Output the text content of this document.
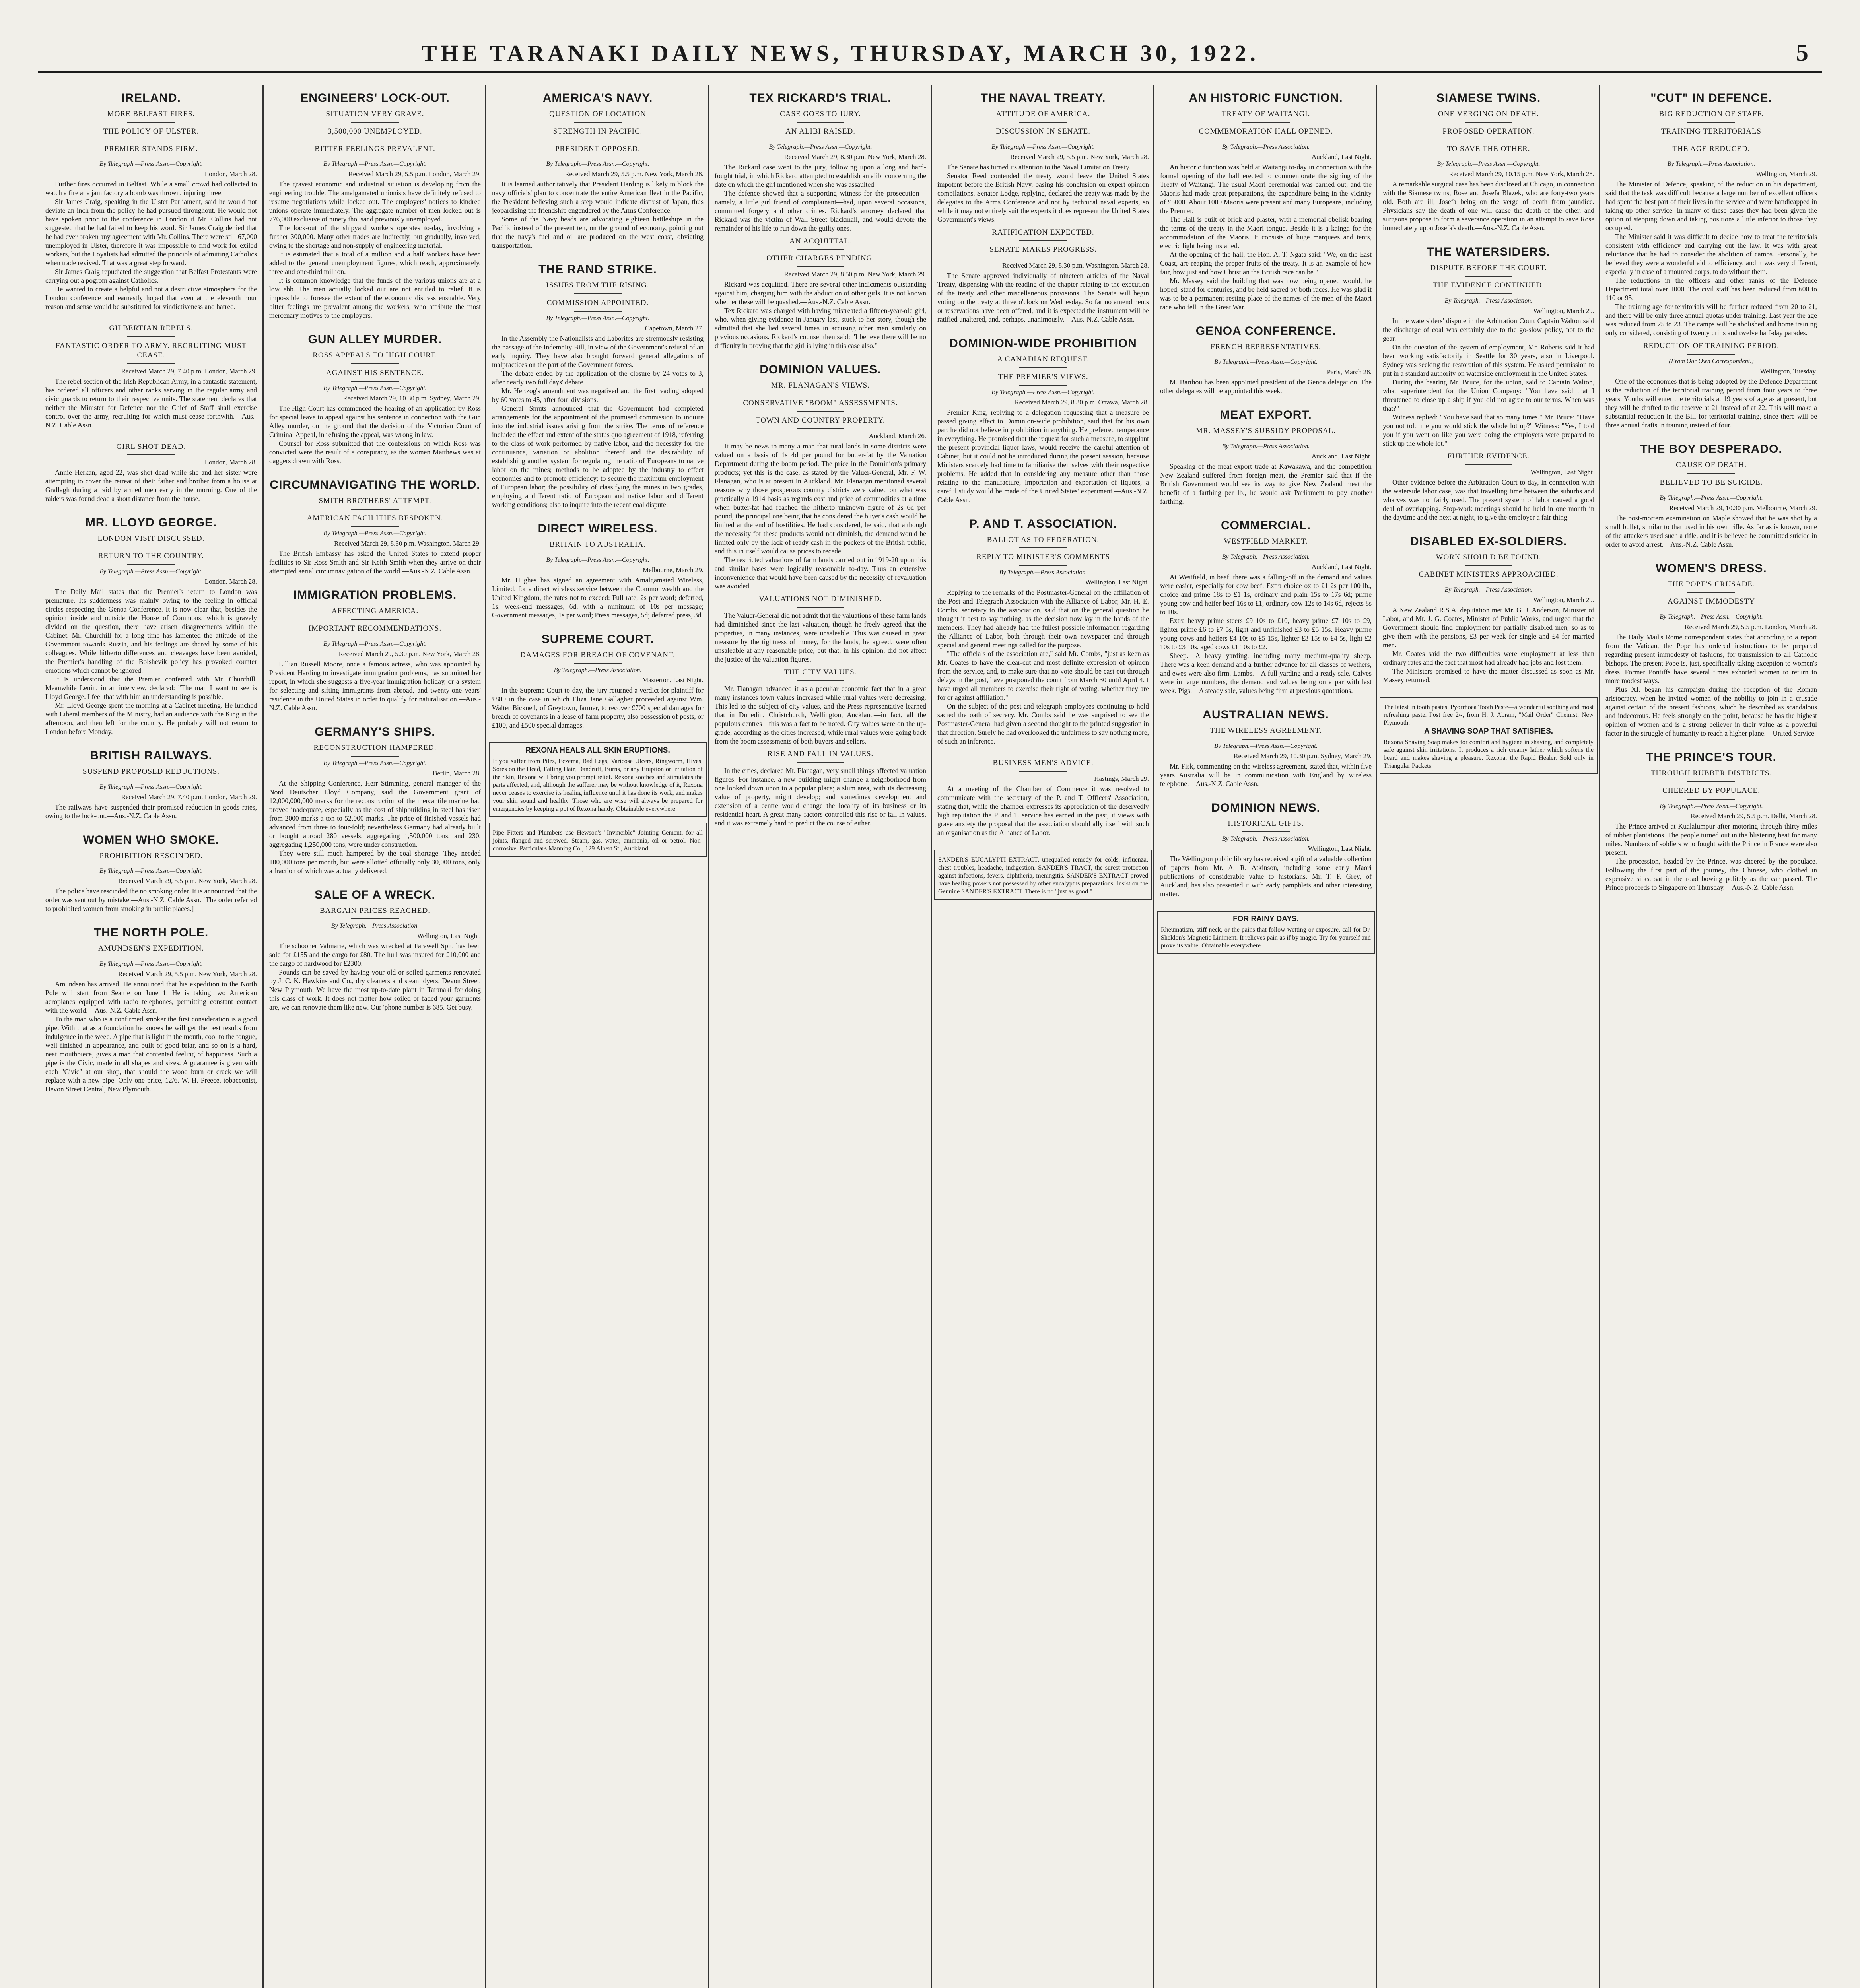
THE TARANAKI DAILY NEWS, THURSDAY, MARCH 30, 1922.	5
IRELAND.
MORE BELFAST FIRES.
THE POLICY OF ULSTER.
PREMIER STANDS FIRM.
By Telegraph.—Press Assn.—Copyright.
London, March 28.

Further fires occurred in Belfast. While a small crowd had collected to watch a fire at a jam factory a bomb was thrown, injuring three.

Sir James Craig, speaking in the Ulster Parliament, said he would not deviate an inch from the policy he had pursued throughout. He would not have spoken prior to the conference in London if Mr. Collins had not suggested that he had failed to keep his word. Sir James Craig denied that he had ever broken any agreement with Mr. Collins. There were still 67,000 unemployed in Ulster, therefore it was impossible to find work for exiled workers, but the Loyalists had admitted the principle of admitting Catholics when trade revived. That was a great step forward.

Sir James Craig repudiated the suggestion that Belfast Protestants were carrying out a pogrom against Catholics.

He wanted to create a helpful and not a destructive atmosphere for the London conference and earnestly hoped that even at the eleventh hour reason and sense would be substituted for vindictiveness and hatred.

GILBERTIAN REBELS.
FANTASTIC ORDER TO ARMY. RECRUITING MUST CEASE.
Received March 29, 7.40 p.m. London, March 29.

The rebel section of the Irish Republican Army, in a fantastic statement, has ordered all officers and other ranks serving in the regular army and civic guards to return to their respective units. The statement declares that neither the Minister for Defence nor the Chief of Staff shall exercise control over the army, recruiting for which must cease forthwith.—Aus.-N.Z. Cable Assn.

GIRL SHOT DEAD.
London, March 28.

Annie Herkan, aged 22, was shot dead while she and her sister were attempting to cover the retreat of their father and brother from a house at Grallagh during a raid by armed men early in the morning. One of the raiders was found dead a short distance from the house.

MR. LLOYD GEORGE.
LONDON VISIT DISCUSSED.
RETURN TO THE COUNTRY.
By Telegraph.—Press Assn.—Copyright.
London, March 28.

The Daily Mail states that the Premier's return to London was premature. Its suddenness was mainly owing to the feeling in official circles respecting the Genoa Conference. It is now clear that, besides the opinion inside and outside the House of Commons, which is gravely divided on the question, there have arisen disagreements within the Cabinet. Mr. Churchill for a long time has lamented the attitude of the Government towards Russia, and his feelings are shared by some of his colleagues. While hitherto differences and cleavages have been avoided, the Premier's handling of the Bolshevik policy has provoked counter emotions which cannot be ignored.

It is understood that the Premier conferred with Mr. Churchill. Meanwhile Lenin, in an interview, declared: "The man I want to see is Lloyd George. I feel that with him an understanding is possible."

Mr. Lloyd George spent the morning at a Cabinet meeting. He lunched with Liberal members of the Ministry, had an audience with the King in the afternoon, and then left for the country. He probably will not return to London before Monday.

BRITISH RAILWAYS.
SUSPEND PROPOSED REDUCTIONS.
By Telegraph.—Press Assn.—Copyright.
Received March 29, 7.40 p.m. London, March 29.

The railways have suspended their promised reduction in goods rates, owing to the lock-out.—Aus.-N.Z. Cable Assn.

WOMEN WHO SMOKE.
PROHIBITION RESCINDED.
By Telegraph.—Press Assn.—Copyright.
Received March 29, 5.5 p.m. New York, March 28.

The police have rescinded the no smoking order. It is announced that the order was sent out by mistake.—Aus.-N.Z. Cable Assn. [The order referred to prohibited women from smoking in public places.]

THE NORTH POLE.
AMUNDSEN'S EXPEDITION.
By Telegraph.—Press Assn.—Copyright.
Received March 29, 5.5 p.m. New York, March 28.

Amundsen has arrived. He announced that his expedition to the North Pole will start from Seattle on June 1. He is taking two American aeroplanes equipped with radio telephones, permitting constant contact with the world.—Aus.-N.Z. Cable Assn.

To the man who is a confirmed smoker the first consideration is a good pipe. With that as a foundation he knows he will get the best results from indulgence in the weed. A pipe that is light in the mouth, cool to the tongue, well finished in appearance, and built of good briar, and so on is a hard, neat mouthpiece, gives a man that contented feeling of happiness. Such a pipe is the Civic, made in all shapes and sizes. A guarantee is given with each "Civic" at our shop, that should the wood burn or crack we will replace with a new pipe. Only one price, 12/6. W. H. Preece, tobacconist, Devon Street Central, New Plymouth.

ENGINEERS' LOCK-OUT.
SITUATION VERY GRAVE.
3,500,000 UNEMPLOYED.
BITTER FEELINGS PREVALENT.
By Telegraph.—Press Assn.—Copyright.
Received March 29, 5.5 p.m. London, March 29.

The gravest economic and industrial situation is developing from the engineering trouble. The amalgamated unionists have definitely refused to resume negotiations while locked out. The employers' notices to kindred unions operate immediately. The aggregate number of men locked out is 776,000 exclusive of ninety thousand previously unemployed.

The lock-out of the shipyard workers operates to-day, involving a further 300,000. Many other trades are indirectly, but gradually, involved, owing to the shortage and non-supply of engineering material.

It is estimated that a total of a million and a half workers have been added to the general unemployment figures, which reach, approximately, three and one-third million.

It is common knowledge that the funds of the various unions are at a low ebb. The men actually locked out are not entitled to relief. It is impossible to foresee the extent of the economic distress ensuable. Very bitter feelings are prevalent among the workers, who attribute the most mercenary motives to the employers.

GUN ALLEY MURDER.
ROSS APPEALS TO HIGH COURT.
AGAINST HIS SENTENCE.
By Telegraph.—Press Assn.—Copyright.
Received March 29, 10.30 p.m. Sydney, March 29.

The High Court has commenced the hearing of an application by Ross for special leave to appeal against his sentence in connection with the Gun Alley murder, on the ground that the decision of the Victorian Court of Criminal Appeal, in refusing the appeal, was wrong in law.

Counsel for Ross submitted that the confessions on which Ross was convicted were the result of a conspiracy, as the women Matthews was at daggers drawn with Ross.

CIRCUMNAVIGATING THE WORLD.
SMITH BROTHERS' ATTEMPT.
AMERICAN FACILITIES BESPOKEN.
By Telegraph.—Press Assn.—Copyright.
Received March 29, 8.30 p.m. Washington, March 29.

The British Embassy has asked the United States to extend proper facilities to Sir Ross Smith and Sir Keith Smith when they arrive on their attempted aerial circumnavigation of the world.—Aus.-N.Z. Cable Assn.

IMMIGRATION PROBLEMS.
AFFECTING AMERICA.
IMPORTANT RECOMMENDATIONS.
By Telegraph.—Press Assn.—Copyright.
Received March 29, 5.30 p.m. New York, March 28.

Lillian Russell Moore, once a famous actress, who was appointed by President Harding to investigate immigration problems, has submitted her report, in which she suggests a five-year immigration holiday, or a system for selecting and sifting immigrants from abroad, and twenty-one years' residence in the United States in order to qualify for naturalisation.—Aus.-N.Z. Cable Assn.

GERMANY'S SHIPS.
RECONSTRUCTION HAMPERED.
By Telegraph.—Press Assn.—Copyright.
Berlin, March 28.

At the Shipping Conference, Herr Stimming, general manager of the Nord Deutscher Lloyd Company, said the Government grant of 12,000,000,000 marks for the reconstruction of the mercantile marine had proved inadequate, especially as the cost of shipbuilding in steel has risen from 2000 marks a ton to 52,000 marks. The price of finished vessels had advanced from three to four-fold; nevertheless Germany had already built or bought abroad 280 vessels, aggregating 1,500,000 tons, and 230, aggregating 1,250,000 tons, were under construction.

They were still much hampered by the coal shortage. They needed 100,000 tons per month, but were allotted officially only 30,000 tons, only a fraction of which was actually delivered.

SALE OF A WRECK.
BARGAIN PRICES REACHED.
By Telegraph.—Press Association.
Wellington, Last Night.

The schooner Valmarie, which was wrecked at Farewell Spit, has been sold for £155 and the cargo for £80. The hull was insured for £10,000 and the cargo of hardwood for £2300.

Pounds can be saved by having your old or soiled garments renovated by J. C. K. Hawkins and Co., dry cleaners and steam dyers, Devon Street, New Plymouth. We have the most up-to-date plant in Taranaki for doing this class of work. It does not matter how soiled or faded your garments are, we can renovate them like new. Our 'phone number is 685. Get busy.

AMERICA'S NAVY.
QUESTION OF LOCATION
STRENGTH IN PACIFIC.
PRESIDENT OPPOSED.
By Telegraph.—Press Assn.—Copyright.
Received March 29, 5.5 p.m. New York, March 28.

It is learned authoritatively that President Harding is likely to block the navy officials' plan to concentrate the entire American fleet in the Pacific, the President believing such a step would indicate distrust of Japan, thus jeopardising the friendship engendered by the Arms Conference.

Some of the Navy heads are advocating eighteen battleships in the Pacific instead of the present ten, on the ground of economy, pointing out that the navy's fuel and oil are produced on the west coast, obviating transportation.

THE RAND STRIKE.
ISSUES FROM THE RISING.
COMMISSION APPOINTED.
By Telegraph.—Press Assn.—Copyright.
Capetown, March 27.

In the Assembly the Nationalists and Laborites are strenuously resisting the passage of the Indemnity Bill, in view of the Government's refusal of an early inquiry. They have also brought forward general allegations of malpractices on the part of the Government forces.

The debate ended by the application of the closure by 24 votes to 3, after nearly two full days' debate.

Mr. Hertzog's amendment was negatived and the first reading adopted by 60 votes to 45, after four divisions.

General Smuts announced that the Government had completed arrangements for the appointment of the promised commission to inquire into the industrial issues arising from the strike. The terms of reference included the effect and extent of the status quo agreement of 1918, referring to the class of work performed by native labor, and the necessity for the continuance, variation or abolition thereof and the desirability of establishing another system for regulating the ratio of Europeans to native labor on the mines; methods to be adopted by the industry to effect economies and to promote efficiency; to secure the maximum employment of European labor; the possibility of classifying the mines in two grades, employing a different ratio of European and native labor and different working conditions; also to inquire into the recent coal dispute.

DIRECT WIRELESS.
BRITAIN TO AUSTRALIA.
By Telegraph.—Press Assn.—Copyright.
Melbourne, March 29.

Mr. Hughes has signed an agreement with Amalgamated Wireless, Limited, for a direct wireless service between the Commonwealth and the United Kingdom, the rates not to exceed: Full rate, 2s per word; deferred, 1s; week-end messages, 6d, with a minimum of 10s per message; Government messages, 1s per word; Press messages, 5d; deferred press, 3d.

SUPREME COURT.
DAMAGES FOR BREACH OF COVENANT.
By Telegraph.—Press Association.
Masterton, Last Night.

In the Supreme Court to-day, the jury returned a verdict for plaintiff for £800 in the case in which Eliza Jane Gallagher proceeded against Wm. Walter Bicknell, of Greytown, farmer, to recover £700 special damages for breach of covenants in a lease of farm property, also possession of posts, or £100, and £500 special damages.

REXONA HEALS ALL SKIN ERUPTIONS.
If you suffer from Piles, Eczema, Bad Legs, Varicose Ulcers, Ringworm, Hives, Sores on the Head, Falling Hair, Dandruff, Burns, or any Eruption or Irritation of the Skin, Rexona will bring you prompt relief. Rexona soothes and stimulates the parts affected, and, although the sufferer may be without knowledge of it, Rexona never ceases to exercise its healing influence until it has done its work, and makes your skin sound and healthy. Those who are wise will always be prepared for emergencies by keeping a pot of Rexona handy. Obtainable everywhere.
Pipe Fitters and Plumbers use Hewson's "Invincible" Jointing Cement, for all joints, flanged and screwed. Steam, gas, water, ammonia, oil or petrol. Non-corrosive. Particulars Manning Co., 129 Albert St., Auckland.
TEX RICKARD'S TRIAL.
CASE GOES TO JURY.
AN ALIBI RAISED.
By Telegraph.—Press Assn.—Copyright.
Received March 29, 8.30 p.m. New York, March 28.

The Rickard case went to the jury, following upon a long and hard-fought trial, in which Rickard attempted to establish an alibi concerning the date on which the girl mentioned when she was assaulted.

The defence showed that a supporting witness for the prosecution—namely, a little girl friend of complainant—had, upon several occasions, committed forgery and other crimes. Rickard's attorney declared that Rickard was the victim of Wall Street blackmail, and would devote the remainder of his life to run down the guilty ones.

AN ACQUITTAL.
OTHER CHARGES PENDING.
Received March 29, 8.50 p.m. New York, March 29.

Rickard was acquitted. There are several other indictments outstanding against him, charging him with the abduction of other girls. It is not known whether these will be quashed.—Aus.-N.Z. Cable Assn.

Tex Rickard was charged with having mistreated a fifteen-year-old girl, who, when giving evidence in January last, stuck to her story, though she admitted that she lied several times in accusing other men similarly on previous occasions. Rickard's counsel then said: "I believe there will be no difficulty in proving that the girl is lying in this case also."

DOMINION VALUES.
MR. FLANAGAN'S VIEWS.
CONSERVATIVE "BOOM" ASSESSMENTS.
TOWN AND COUNTRY PROPERTY.
Auckland, March 26.

It may be news to many a man that rural lands in some districts were valued on a basis of 1s 4d per pound for butter-fat by the Valuation Department during the boom period. The price in the Dominion's primary products; yet this is the case, as stated by the Valuer-General, Mr. F. W. Flanagan, who is at present in Auckland. Mr. Flanagan mentioned several reasons why those prosperous country districts were valued on what was practically a 1914 basis as regards cost and price of commodities at a time when butter-fat had reached the hitherto unknown figure of 2s 6d per pound, the principal one being that he considered the buyer's cash would be limited at the end of hostilities. He had considered, he said, that although the necessity for these products would not diminish, the demand would be limited only by the lack of ready cash in the pockets of the British public, and this in itself would cause prices to recede.

The restricted valuations of farm lands carried out in 1919-20 upon this and similar bases were logically reasonable to-day. Thus an extensive inconvenience that would have been caused by the necessity of revaluation was avoided.

VALUATIONS NOT DIMINISHED.

The Valuer-General did not admit that the valuations of these farm lands had diminished since the last valuation, though he freely agreed that the properties, in many instances, were unsaleable. This was caused in great measure by the tightness of money, for the lands, he agreed, were often unsaleable at any reasonable price, but that, in his opinion, did not affect the justice of the valuation figures.

THE CITY VALUES.

Mr. Flanagan advanced it as a peculiar economic fact that in a great many instances town values increased while rural values were decreasing. This led to the subject of city values, and the Press representative learned that in Dunedin, Christchurch, Wellington, Auckland—in fact, all the populous centres—this was a fact to be noted. City values were on the up-grade, according as the cities increased, while rural values were going back from the boom assessments of both buyers and sellers.

RISE AND FALL IN VALUES.

In the cities, declared Mr. Flanagan, very small things affected valuation figures. For instance, a new building might change a neighborhood from one looked down upon to a popular place; a slum area, with its decreasing value of property, might develop; and sometimes development and extension of a centre would change the locality of its business or its residential heart. A great many factors controlled this rise or fall in values, and it was extremely hard to predict the course of either.

THE NAVAL TREATY.
ATTITUDE OF AMERICA.
DISCUSSION IN SENATE.
By Telegraph.—Press Assn.—Copyright.
Received March 29, 5.5 p.m. New York, March 28.

The Senate has turned its attention to the Naval Limitation Treaty.

Senator Reed contended the treaty would leave the United States impotent before the British Navy, basing his conclusion on expert opinion compilations. Senator Lodge, replying, declared the treaty was made by the delegates to the Arms Conference and not by technical naval experts, so while it may not entirely suit the experts it does represent the United States Government's views.

RATIFICATION EXPECTED.
SENATE MAKES PROGRESS.
Received March 29, 8.30 p.m. Washington, March 28.

The Senate approved individually of nineteen articles of the Naval Treaty, dispensing with the reading of the chapter relating to the execution of the treaty and other miscellaneous provisions. The Senate will begin voting on the treaty at three o'clock on Wednesday. So far no amendments or reservations have been offered, and it is expected the instrument will be ratified unaltered, and, perhaps, unanimously.—Aus.-N.Z. Cable Assn.

DOMINION-WIDE PROHIBITION
A CANADIAN REQUEST.
THE PREMIER'S VIEWS.
By Telegraph.—Press Assn.—Copyright.
Received March 29, 8.30 p.m. Ottawa, March 28.

Premier King, replying to a delegation requesting that a measure be passed giving effect to Dominion-wide prohibition, said that for his own part he did not believe in prohibition in anything. He preferred temperance in everything. He promised that the request for such a measure, to supplant the present provincial liquor laws, would receive the careful attention of Cabinet, but it could not be introduced during the present session, because Ministers scarcely had time to familiarise themselves with their respective problems. He added that in considering any measure other than those relating to the manufacture, importation and exportation of liquors, a careful study would be made of the United States' experiment.—Aus.-N.Z. Cable Assn.

P. AND T. ASSOCIATION.
BALLOT AS TO FEDERATION.
REPLY TO MINISTER'S COMMENTS
By Telegraph.—Press Association.
Wellington, Last Night.

Replying to the remarks of the Postmaster-General on the affiliation of the Post and Telegraph Association with the Alliance of Labor, Mr. H. E. Combs, secretary to the association, said that on the general question he thought it best to say nothing, as the decision now lay in the hands of the members. They had already had the fullest possible information regarding the Alliance of Labor, both through their own newspaper and through special and general meetings called for the purpose.

"The officials of the association are," said Mr. Combs, "just as keen as Mr. Coates to have the clear-cut and most definite expression of opinion from the service, and, to make sure that no vote should be cast out through delays in the post, have postponed the count from March 30 until April 4. I have urged all members to exercise their right of voting, whether they are for or against affiliation."

On the subject of the post and telegraph employees continuing to hold sacred the oath of secrecy, Mr. Combs said he was surprised to see the Postmaster-General had given a second thought to the printed suggestion in that direction. Surely he had overlooked the unfairness to say nothing more, of such an inference.

BUSINESS MEN'S ADVICE.
Hastings, March 29.

At a meeting of the Chamber of Commerce it was resolved to communicate with the secretary of the P. and T. Officers' Association, stating that, while the chamber expresses its appreciation of the deservedly high reputation the P. and T. service has earned in the past, it views with grave anxiety the proposal that the association should ally itself with such an organisation as the Alliance of Labor.

SANDER'S EUCALYPTI EXTRACT, unequalled remedy for colds, influenza, chest troubles, headache, indigestion. SANDER'S TRACT, the surest protection against infections, fevers, diphtheria, meningitis. SANDER'S EXTRACT proved have healing powers not possessed by other eucalyptus preparations. Insist on the Genuine SANDER'S EXTRACT. There is no "just as good."
AN HISTORIC FUNCTION.
TREATY OF WAITANGI.
COMMEMORATION HALL OPENED.
By Telegraph.—Press Association.
Auckland, Last Night.

An historic function was held at Waitangi to-day in connection with the formal opening of the hall erected to commemorate the signing of the Treaty of Waitangi. The usual Maori ceremonial was carried out, and the Maoris had made great preparations, the expenditure being in the vicinity of £5000. About 1000 Maoris were present and many Europeans, including the Premier.

The Hall is built of brick and plaster, with a memorial obelisk bearing the terms of the treaty in the Maori tongue. Beside it is a kainga for the accommodation of the Maoris. It consists of huge marquees and tents, electric light being installed.

At the opening of the hall, the Hon. A. T. Ngata said: "We, on the East Coast, are reaping the proper fruits of the treaty. It is an example of how fair, how just and how Christian the British race can be."

Mr. Massey said the building that was now being opened would, he hoped, stand for centuries, and be held sacred by both races. He was glad it was to be a permanent resting-place of the names of the men of the Maori race who fell in the Great War.

GENOA CONFERENCE.
FRENCH REPRESENTATIVES.
By Telegraph.—Press Assn.—Copyright.
Paris, March 28.

M. Barthou has been appointed president of the Genoa delegation. The other delegates will be appointed this week.

MEAT EXPORT.
MR. MASSEY'S SUBSIDY PROPOSAL.
By Telegraph.—Press Association.
Auckland, Last Night.

Speaking of the meat export trade at Kawakawa, and the competition New Zealand suffered from foreign meat, the Premier said that if the British Government would see its way to give New Zealand meat the benefit of a farthing per lb., he would ask Parliament to pay another farthing.

COMMERCIAL.
WESTFIELD MARKET.
By Telegraph.—Press Association.
Auckland, Last Night.

At Westfield, in beef, there was a falling-off in the demand and values were easier, especially for cow beef: Extra choice ox to £1 2s per 100 lb., choice and prime 18s to £1 1s, ordinary and plain 15s to 17s 6d; prime young cow and heifer beef 16s to £1, ordinary cow 12s to 14s 6d, rejects 8s to 10s.

Extra heavy prime steers £9 10s to £10, heavy prime £7 10s to £9, lighter prime £6 to £7 5s, light and unfinished £3 to £5 15s. Heavy prime young cows and heifers £4 10s to £5 15s, lighter £3 15s to £4 5s, light £2 10s to £3 10s, aged cows £1 10s to £2.

Sheep.—A heavy yarding, including many medium-quality sheep. There was a keen demand and a further advance for all classes of wethers, and ewes were also firm. Lambs.—A full yarding and a ready sale. Calves were in large numbers, the demand and values being on a par with last week. Pigs.—A steady sale, values being firm at previous quotations.

AUSTRALIAN NEWS.
THE WIRELESS AGREEMENT.
By Telegraph.—Press Assn.—Copyright.
Received March 29, 10.30 p.m. Sydney, March 29.

Mr. Fisk, commenting on the wireless agreement, stated that, within five years Australia will be in communication with England by wireless telephone.—Aus.-N.Z. Cable Assn.

DOMINION NEWS.
HISTORICAL GIFTS.
By Telegraph.—Press Association.
Wellington, Last Night.

The Wellington public library has received a gift of a valuable collection of papers from Mr. A. R. Atkinson, including some early Maori publications of considerable value to historians. Mr. T. F. Grey, of Auckland, has also presented it with early pamphlets and other interesting matter.

FOR RAINY DAYS.
Rheumatism, stiff neck, or the pains that follow wetting or exposure, call for Dr. Sheldon's Magnetic Liniment. It relieves pain as if by magic. Try for yourself and prove its value. Obtainable everywhere.
SIAMESE TWINS.
ONE VERGING ON DEATH.
PROPOSED OPERATION.
TO SAVE THE OTHER.
By Telegraph.—Press Assn.—Copyright.
Received March 29, 10.15 p.m. New York, March 28.

A remarkable surgical case has been disclosed at Chicago, in connection with the Siamese twins, Rose and Josefa Blazek, who are forty-two years old. Both are ill, Josefa being on the verge of death from jaundice. Physicians say the death of one will cause the death of the other, and surgeons propose to form a severance operation in an attempt to save Rose immediately upon Josefa's death.—Aus.-N.Z. Cable Assn.

THE WATERSIDERS.
DISPUTE BEFORE THE COURT.
THE EVIDENCE CONTINUED.
By Telegraph.—Press Association.
Wellington, March 29.

In the watersiders' dispute in the Arbitration Court Captain Walton said the discharge of coal was certainly due to the go-slow policy, not to the gear.

On the question of the system of employment, Mr. Roberts said it had been working satisfactorily in Seattle for 30 years, also in Liverpool. Sydney was seeking the restoration of this system. He asked permission to put in a standard authority on waterside employment in the United States.

During the hearing Mr. Bruce, for the union, said to Captain Walton, what superintendent for the Union Company: "You have said that I threatened to close up a ship if you did not agree to our terms. When was that?"

Witness replied: "You have said that so many times." Mr. Bruce: "Have you not told me you would stick the whole lot up?" Witness: "Yes, I told you if you went on like you were doing the employers were prepared to stick up the whole lot."

FURTHER EVIDENCE.
Wellington, Last Night.

Other evidence before the Arbitration Court to-day, in connection with the waterside labor case, was that travelling time between the suburbs and wharves was not fairly used. The present system of labor caused a good deal of overlapping. Stop-work meetings should be held in one month in the daytime and the next at night, to give the employer a fair thing.

DISABLED EX-SOLDIERS.
WORK SHOULD BE FOUND.
CABINET MINISTERS APPROACHED.
By Telegraph.—Press Association.
Wellington, March 29.

A New Zealand R.S.A. deputation met Mr. G. J. Anderson, Minister of Labor, and Mr. J. G. Coates, Minister of Public Works, and urged that the Government should find employment for partially disabled men, so as to give them with the pensions, £3 per week for single and £4 for married men.

Mr. Coates said the two difficulties were employment at less than ordinary rates and the fact that most had already had jobs and lost them.

The Ministers promised to have the matter discussed as soon as Mr. Massey returned.

The latest in tooth pastes. Pyorrhoea Tooth Paste—a wonderful soothing and most refreshing paste. Post free 2/-, from H. J. Abram, "Mail Order" Chemist, New Plymouth.
A SHAVING SOAP THAT SATISFIES.
Rexona Shaving Soap makes for comfort and hygiene in shaving, and completely safe against skin irritations. It produces a rich creamy lather which softens the beard and makes shaving a pleasure. Rexona, the Rapid Healer. Sold only in Triangular Packets.
"CUT" IN DEFENCE.
BIG REDUCTION OF STAFF.
TRAINING TERRITORIALS
THE AGE REDUCED.
By Telegraph.—Press Association.
Wellington, March 29.

The Minister of Defence, speaking of the reduction in his department, said that the task was difficult because a large number of excellent officers had spent the best part of their lives in the service and were handicapped in taking up other service. In many of these cases they had been given the option of stepping down and taking positions a little inferior to those they occupied.

The Minister said it was difficult to decide how to treat the territorials consistent with efficiency and carrying out the law. It was with great reluctance that he had to consider the abolition of camps. Personally, he believed they were a wonderful aid to efficiency, and it was very different, especially in case of a mounted corps, to do without them.

The reductions in the officers and other ranks of the Defence Department total over 1000. The civil staff has been reduced from 600 to 110 or 95.

The training age for territorials will be further reduced from 20 to 21, and there will be only three annual quotas under training. Last year the age was reduced from 25 to 23. The camps will be abolished and home training only considered, consisting of twenty drills and twelve half-day parades.

REDUCTION OF TRAINING PERIOD.
(From Our Own Correspondent.)
Wellington, Tuesday.

One of the economies that is being adopted by the Defence Department is the reduction of the territorial training period from four years to three years. Youths will enter the territorials at 19 years of age as at present, but they will be drafted to the reserve at 21 instead of at 22. This will make a substantial reduction in the Bill for territorial training, since there will be three annual drafts in training instead of four.

THE BOY DESPERADO.
CAUSE OF DEATH.
BELIEVED TO BE SUICIDE.
By Telegraph.—Press Assn.—Copyright.
Received March 29, 10.30 p.m. Melbourne, March 29.

The post-mortem examination on Maple showed that he was shot by a small bullet, similar to that used in his own rifle. As far as is known, none of the attackers used such a rifle, and it is believed he committed suicide in order to avoid arrest.—Aus.-N.Z. Cable Assn.

WOMEN'S DRESS.
THE POPE'S CRUSADE.
AGAINST IMMODESTY
By Telegraph.—Press Assn.—Copyright.
Received March 29, 5.5 p.m. London, March 28.

The Daily Mail's Rome correspondent states that according to a report from the Vatican, the Pope has ordered instructions to be prepared regarding present immodesty of fashions, for transmission to all Catholic bishops. The present Pope is, just, specifically taking exception to women's dress. Former Pontiffs have several times exhorted women to return to more modest ways.

Pius XI. began his campaign during the reception of the Roman aristocracy, when he invited women of the nobility to join in a crusade against certain of the present fashions, which he described as scandalous and indecorous. He feels strongly on the point, because he has the highest opinion of women and is a strong believer in their value as a powerful factor in the struggle of humanity to reach a higher plane.—United Service.

THE PRINCE'S TOUR.
THROUGH RUBBER DISTRICTS.
CHEERED BY POPULACE.
By Telegraph.—Press Assn.—Copyright.
Received March 29, 5.5 p.m. Delhi, March 28.

The Prince arrived at Kualalumpur after motoring through thirty miles of rubber plantations. The people turned out in the blistering heat for many miles. Numbers of soldiers who fought with the Prince in France were also present.

The procession, headed by the Prince, was cheered by the populace. Following the first part of the journey, the Chinese, who clothed in expensive silks, sat in the road bowing politely as the car passed. The Prince proceeds to Singapore on Thursday.—Aus.-N.Z. Cable Assn.
